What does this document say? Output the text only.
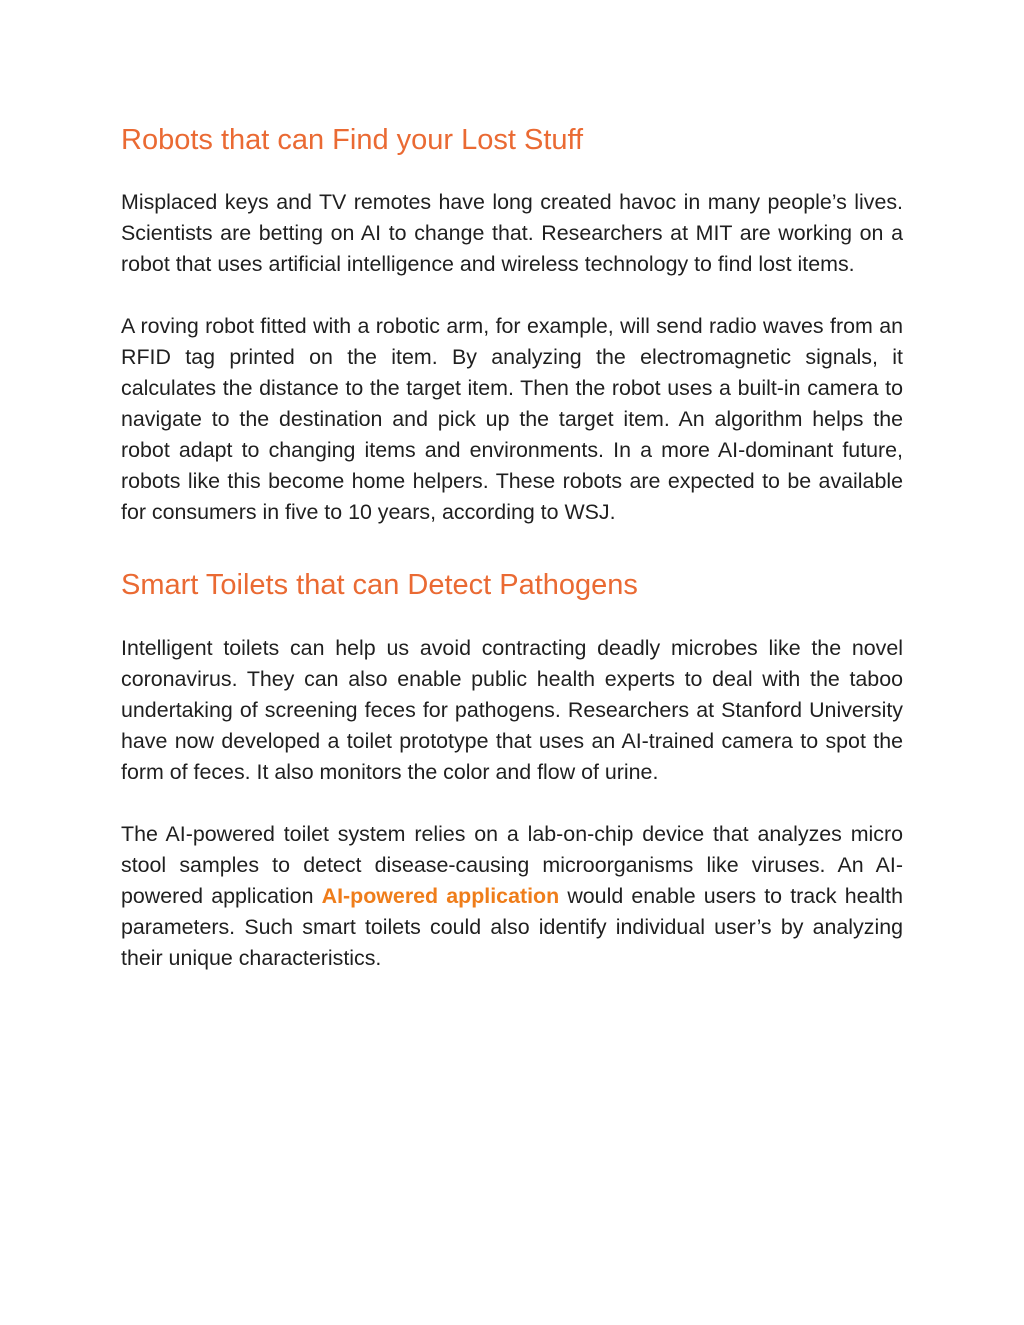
Robots that can Find your Lost Stuff

Misplaced keys and TV remotes have long created havoc in many people’s lives. Scientists are betting on AI to change that. Researchers at MIT are working on a robot that uses artificial intelligence and wireless technology to find lost items.

A roving robot fitted with a robotic arm, for example, will send radio waves from an RFID tag printed on the item. By analyzing the electromagnetic signals, it calculates the distance to the target item. Then the robot uses a built-in camera to navigate to the destination and pick up the target item. An algorithm helps the robot adapt to changing items and environments. In a more AI-dominant future, robots like this become home helpers. These robots are expected to be available for consumers in five to 10 years, according to WSJ.

Smart Toilets that can Detect Pathogens

Intelligent toilets can help us avoid contracting deadly microbes like the novel coronavirus. They can also enable public health experts to deal with the taboo undertaking of screening feces for pathogens. Researchers at Stanford University have now developed a toilet prototype that uses an AI-trained camera to spot the form of feces. It also monitors the color and flow of urine.

The AI-powered toilet system relies on a lab-on-chip device that analyzes micro stool samples to detect disease-causing microorganisms like viruses. An AI-powered application AI-powered application would enable users to track health parameters. Such smart toilets could also identify individual user’s by analyzing their unique characteristics.
